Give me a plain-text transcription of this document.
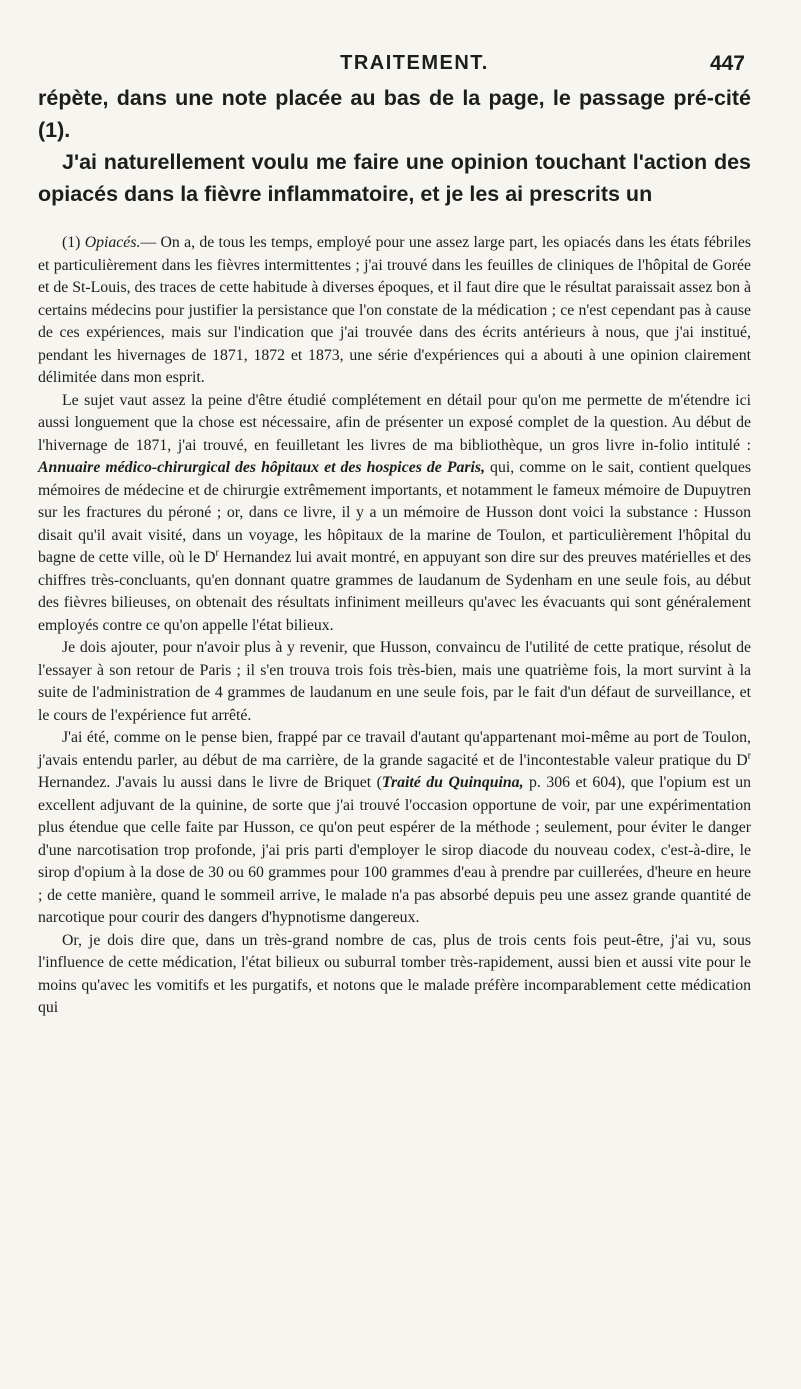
TRAITEMENT.	447

répète, dans une note placée au bas de la page, le passage pré-cité (1).

J'ai naturellement voulu me faire une opinion touchant l'action des opiacés dans la fièvre inflammatoire, et je les ai prescrits un

(1) Opiacés.— On a, de tous les temps, employé pour une assez large part, les opiacés dans les états fébriles et particulièrement dans les fièvres intermittentes ; j'ai trouvé dans les feuilles de cliniques de l'hôpital de Gorée et de St-Louis, des traces de cette habitude à diverses époques, et il faut dire que le résultat paraissait assez bon à certains médecins pour justifier la persistance que l'on constate de la médication ; ce n'est cependant pas à cause de ces expériences, mais sur l'indication que j'ai trouvée dans des écrits antérieurs à nous, que j'ai institué, pendant les hivernages de 1871, 1872 et 1873, une série d'expériences qui a abouti à une opinion clairement délimitée dans mon esprit.

Le sujet vaut assez la peine d'être étudié complétement en détail pour qu'on me permette de m'étendre ici aussi longuement que la chose est nécessaire, afin de présenter un exposé complet de la question. Au début de l'hivernage de 1871, j'ai trouvé, en feuilletant les livres de ma bibliothèque, un gros livre in-folio intitulé : Annuaire médico-chirurgical des hôpitaux et des hospices de Paris, qui, comme on le sait, contient quelques mémoires de médecine et de chirurgie extrêmement importants, et notamment le fameux mémoire de Dupuytren sur les fractures du péroné ; or, dans ce livre, il y a un mémoire de Husson dont voici la substance : Husson disait qu'il avait visité, dans un voyage, les hôpitaux de la marine de Toulon, et particulièrement l'hôpital du bagne de cette ville, où le $D^r$ Hernandez lui avait montré, en appuyant son dire sur des preuves matérielles et des chiffres très-concluants, qu'en donnant quatre grammes de laudanum de Sydenham en une seule fois, au début des fièvres bilieuses, on obtenait des résultats infiniment meilleurs qu'avec les évacuants qui sont généralement employés contre ce qu'on appelle l'état bilieux.

Je dois ajouter, pour n'avoir plus à y revenir, que Husson, convaincu de l'utilité de cette pratique, résolut de l'essayer à son retour de Paris ; il s'en trouva trois fois très-bien, mais une quatrième fois, la mort survint à la suite de l'administration de 4 grammes de laudanum en une seule fois, par le fait d'un défaut de surveillance, et le cours de l'expérience fut arrêté.

J'ai été, comme on le pense bien, frappé par ce travail d'autant qu'appartenant moi-même au port de Toulon, j'avais entendu parler, au début de ma carrière, de la grande sagacité et de l'incontestable valeur pratique du $D^r$ Hernandez. J'avais lu aussi dans le livre de Briquet (Traité du Quinquina, p. 306 et 604), que l'opium est un excellent adjuvant de la quinine, de sorte que j'ai trouvé l'occasion opportune de voir, par une expérimentation plus étendue que celle faite par Husson, ce qu'on peut espérer de la méthode ; seulement, pour éviter le danger d'une narcotisation trop profonde, j'ai pris parti d'employer le sirop diacode du nouveau codex, c'est-à-dire, le sirop d'opium à la dose de 30 ou 60 grammes pour 100 grammes d'eau à prendre par cuillerées, d'heure en heure ; de cette manière, quand le sommeil arrive, le malade n'a pas absorbé depuis peu une assez grande quantité de narcotique pour courir des dangers d'hypnotisme dangereux.

Or, je dois dire que, dans un très-grand nombre de cas, plus de trois cents fois peut-être, j'ai vu, sous l'influence de cette médication, l'état bilieux ou suburral tomber très-rapidement, aussi bien et aussi vite pour le moins qu'avec les vomitifs et les purgatifs, et notons que le malade préfère incomparablement cette médication qui
